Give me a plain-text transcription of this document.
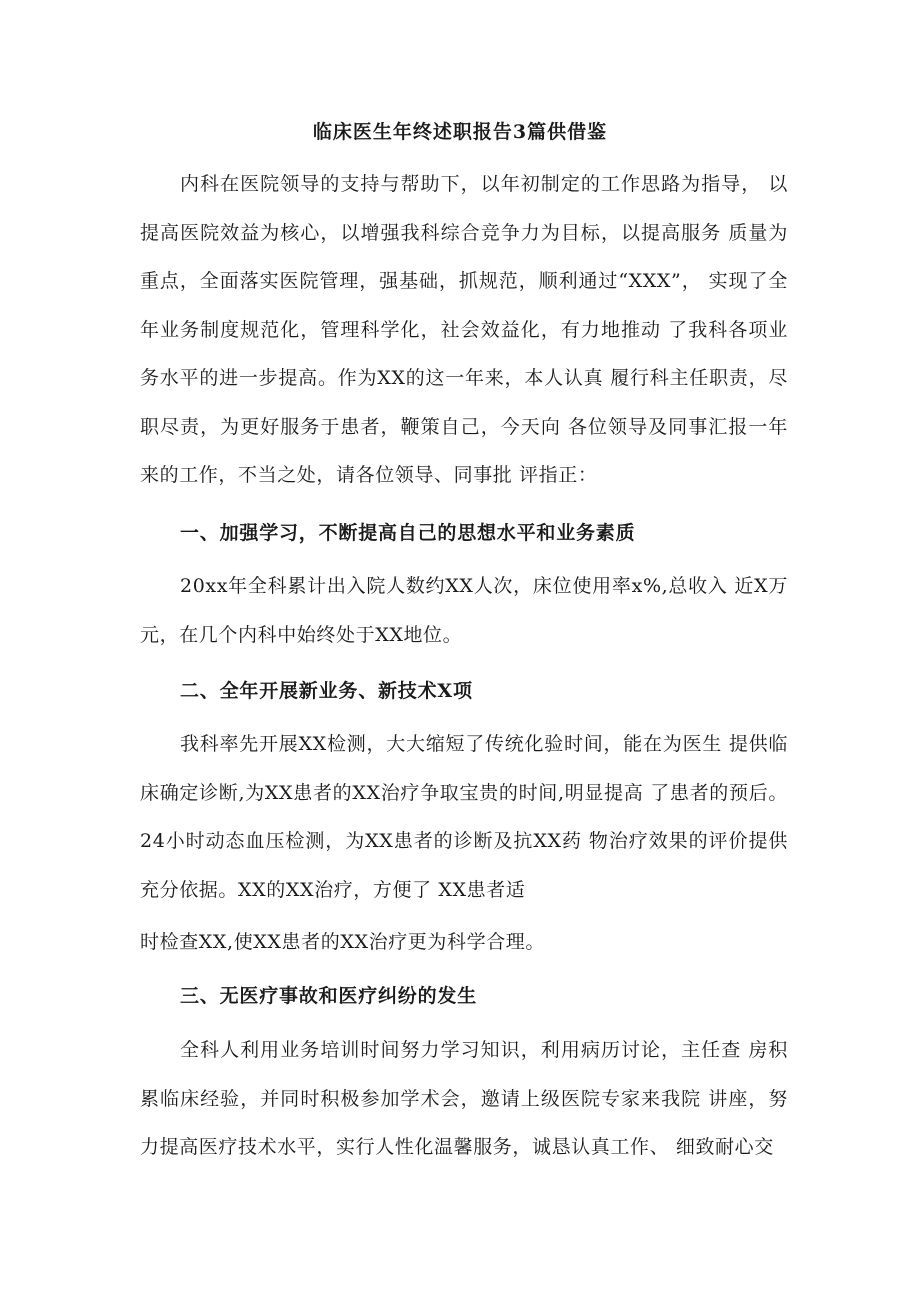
临床医生年终述职报告3篇供借鉴

内科在医院领导的支持与帮助下，以年初制定的工作思路为指导， 以提高医院效益为核心，以增强我科综合竞争力为目标，以提高服务 质量为重点，全面落实医院管理，强基础，抓规范，顺利通过“XXX”， 实现了全年业务制度规范化，管理科学化，社会效益化，有力地推动 了我科各项业务水平的进一步提高。作为XX的这一年来，本人认真 履行科主任职责，尽职尽责，为更好服务于患者，鞭策自己，今天向 各位领导及同事汇报一年来的工作，不当之处，请各位领导、同事批 评指正：

一、加强学习，不断提高自己的思想水平和业务素质

20xx年全科累计出入院人数约XX人次，床位使用率x%,总收入 近X万元，在几个内科中始终处于XX地位。

二、全年开展新业务、新技术X项

我科率先开展XX检测，大大缩短了传统化验时间，能在为医生 提供临床确定诊断,为XX患者的XX治疗争取宝贵的时间,明显提高 了患者的预后。24小时动态血压检测，为XX患者的诊断及抗XX药 物治疗效果的评价提供充分依据。XX的XX治疗，方便了 XX患者适

时检查XX,使XX患者的XX治疗更为科学合理。

三、无医疗事故和医疗纠纷的发生

全科人利用业务培训时间努力学习知识，利用病历讨论，主任查 房积累临床经验，并同时积极参加学术会，邀请上级医院专家来我院 讲座，努力提高医疗技术水平，实行人性化温馨服务，诚恳认真工作、 细致耐心交
